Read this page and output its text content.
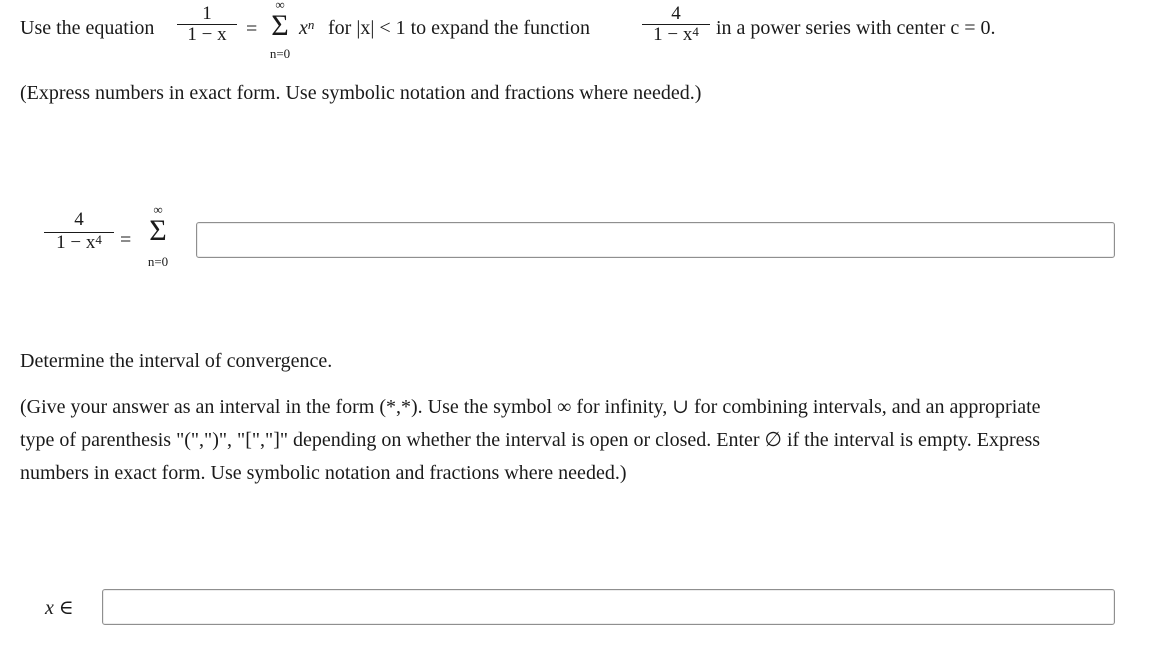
Use the equation
1
1 − x =
∞
Σ
n=0
$x^n$ for |x| < 1 to expand the function
4
$1 - x^4$ in a power series with center c = 0.
(Express numbers in exact form. Use symbolic notation and fractions where needed.)
4
$1 - x^4$ =
∞
Σ
n=0
Determine the interval of convergence.
(Give your answer as an interval in the form (*,*). Use the symbol ∞ for infinity, ∪ for combining intervals, and an appropriate
type of parenthesis "(",")", "[","]" depending on whether the interval is open or closed. Enter ∅ if the interval is empty. Express
numbers in exact form. Use symbolic notation and fractions where needed.)
x ∈
